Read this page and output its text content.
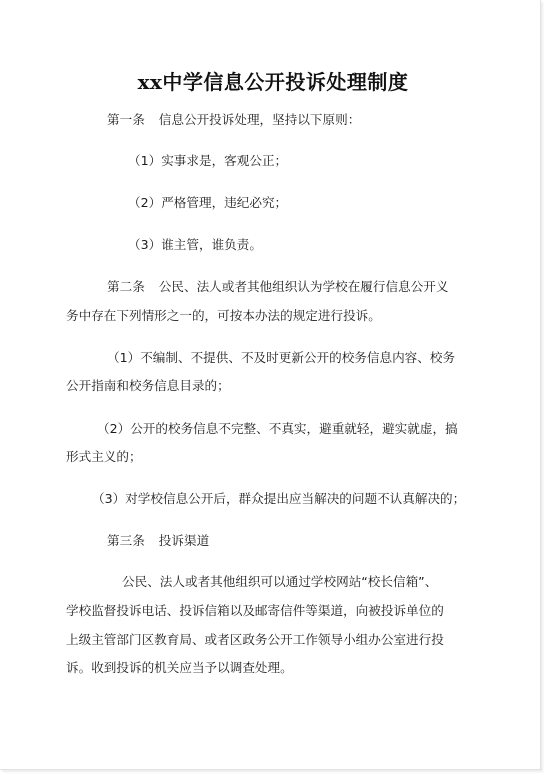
xx中学信息公开投诉处理制度
第一条 信息公开投诉处理，坚持以下原则：
（1）实事求是，客观公正；
（2）严格管理，违纪必究；
（3）谁主管，谁负责。
第二条 公民、法人或者其他组织认为学校在履行信息公开义
务中存在下列情形之一的，可按本办法的规定进行投诉。
（1）不编制、不提供、不及时更新公开的校务信息内容、校务
公开指南和校务信息目录的；
（2）公开的校务信息不完整、不真实，避重就轻，避实就虚，搞
形式主义的；
（3）对学校信息公开后，群众提出应当解决的问题不认真解决的；
第三条 投诉渠道
公民、法人或者其他组织可以通过学校网站“校长信箱”、
学校监督投诉电话、投诉信箱以及邮寄信件等渠道，向被投诉单位的
上级主管部门区教育局、或者区政务公开工作领导小组办公室进行投
诉。收到投诉的机关应当予以调查处理。
